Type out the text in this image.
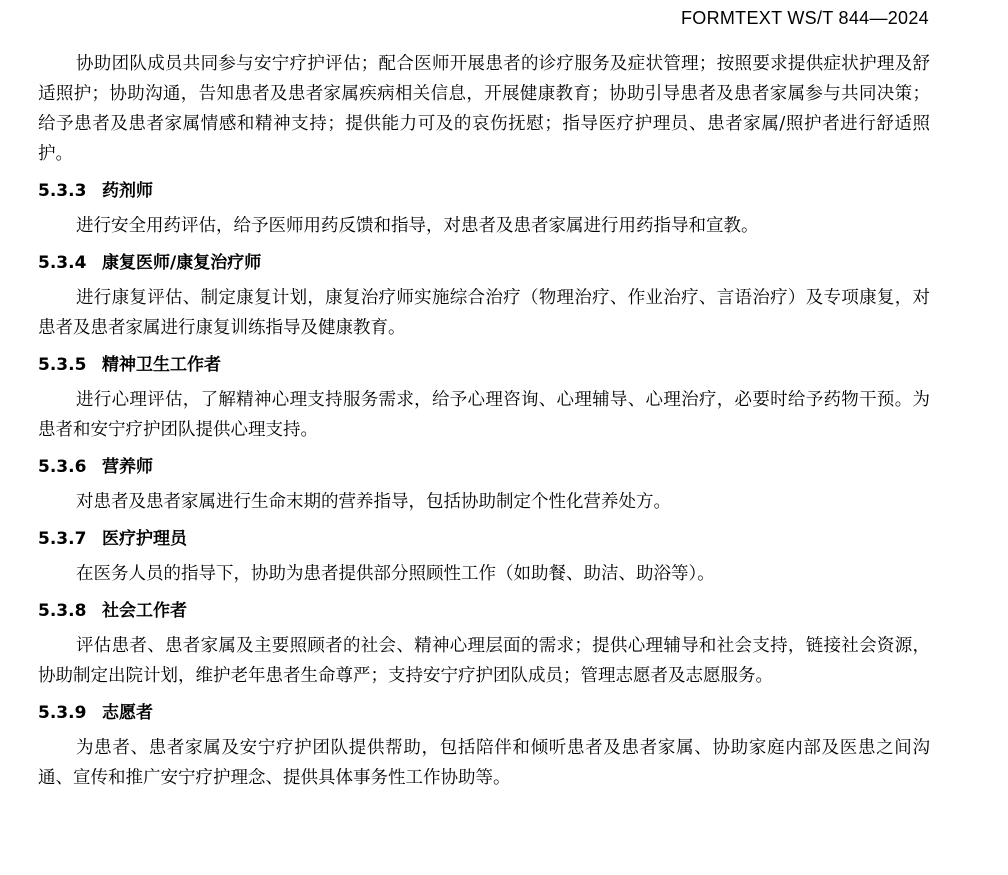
FORMTEXT WS/T 844—2024

协助团队成员共同参与安宁疗护评估；配合医师开展患者的诊疗服务及症状管理；按照要求提供症状护理及舒适照护；协助沟通，告知患者及患者家属疾病相关信息，开展健康教育；协助引导患者及患者家属参与共同决策；给予患者及患者家属情感和精神支持；提供能力可及的哀伤抚慰；指导医疗护理员、患者家属/照护者进行舒适照护。

5.3.3 药剂师

进行安全用药评估，给予医师用药反馈和指导，对患者及患者家属进行用药指导和宣教。

5.3.4 康复医师/康复治疗师

进行康复评估、制定康复计划，康复治疗师实施综合治疗（物理治疗、作业治疗、言语治疗）及专项康复，对患者及患者家属进行康复训练指导及健康教育。

5.3.5 精神卫生工作者

进行心理评估，了解精神心理支持服务需求，给予心理咨询、心理辅导、心理治疗，必要时给予药物干预。为患者和安宁疗护团队提供心理支持。

5.3.6 营养师

对患者及患者家属进行生命末期的营养指导，包括协助制定个性化营养处方。

5.3.7 医疗护理员

在医务人员的指导下，协助为患者提供部分照顾性工作（如助餐、助洁、助浴等）。

5.3.8 社会工作者

评估患者、患者家属及主要照顾者的社会、精神心理层面的需求；提供心理辅导和社会支持，链接社会资源，协助制定出院计划，维护老年患者生命尊严；支持安宁疗护团队成员；管理志愿者及志愿服务。

5.3.9 志愿者

为患者、患者家属及安宁疗护团队提供帮助，包括陪伴和倾听患者及患者家属、协助家庭内部及医患之间沟通、宣传和推广安宁疗护理念、提供具体事务性工作协助等。
